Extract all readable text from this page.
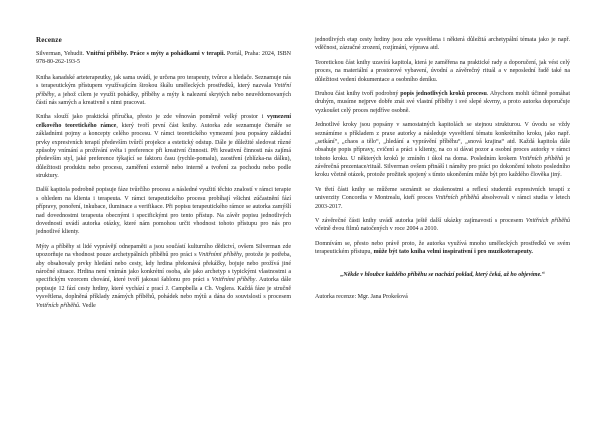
Recenze

Silverman, Yehudit. Vnitřní příběhy. Práce s mýty a pohádkami v terapii. Portál, Praha: 2024, ISBN 978-80-262-193-5

Kniha kanadské arteterapeutky, jak sama uvádí, je určena pro terapeuty, tvůrce a hledače. Seznamuje nás s terapeutickým přístupem využívajícím širokou škálu uměleckých prostředků, který nazvala Vnitřní příběhy, a jehož cílem je využít pohádky, příběhy a mýty k nalezení skrytých nebo neuvědomovaných částí nás samých a kreativně s nimi pracovat.

Kniha slouží jako praktická příručka, přesto je zde věnován poměrně velký prostor i vymezení celkového teoretického rámce, který tvoří první část knihy. Autorka zde seznamuje čtenáře se základními pojmy a koncepty celého procesu. V rámci teoretického vymezení jsou popsány základní prvky expresivních terapií především tvůrčí projekce a estetický odstup. Dále je důležité sledovat různé způsoby vnímání a prožívání světa i preference při kreativní činnosti. Při kreativní činnosti nás zajímá především styl, jaké preference týkající se faktoru času (rychle-pomalu), zaostření (zblízka-na dálku), důležitosti produktu nebo procesu, zaměření externě nebo interně a tvoření za pochodu nebo podle struktury.

Další kapitola podrobně popisuje fáze tvůrčího procesu a následné využití těchto znalostí v rámci terapie s ohledem na klienta i terapeuta. V rámci terapeutického procesu probíhají všichni zúčastnění fází přípravy, ponoření, inkubace, iluminace a verifikace. Při popisu terapeutického rámce se autorka zamýšlí nad dovednostmi terapeuta obecnými i specifickými pro tento přístup. Na závěr popisu jednotlivých dovedností uvádí autorka otázky, které nám pomohou určit vhodnost tohoto přístupu pro nás pro jednotlivé klienty.

Mýty a příběhy si lidé vyprávějí odnepaměti a jsou součástí kulturního dědictví, ovšem Silverman zde upozorňuje na vhodnost pouze archetypálních příběhů pro práci s Vnitřními příběhy, protože je potřeba, aby obsahovaly prvky hledání nebo cesty, kdy hrdina překonává překážky, bojuje nebo prožívá jiné náročné situace. Hrdina není vnímán jako konkrétní osoba, ale jako archetyp s typickými vlastnostmi a specifickým vzorcem chování, které tvoří jakousi šablonu pro práci s Vnitřními příběhy. Autorka dále popisuje 12 fází cesty hrdiny, které vychází z prací J. Campbella a Ch. Voglera. Každá fáze je stručně vysvětlena, doplněná příklady známých příběhů, pohádek nebo mýtů a dána do souvislostí s procesem Vnitřních příběhů. Vedle

jednotlivých etap cesty hrdiny jsou zde vysvětlena i některá důležitá archetypální témata jako je např. vděčnost, zázračné zrození, rozjímání, výprava atd.

Teoretickou část knihy uzavírá kapitola, která je zaměřena na praktické rady a doporučení, jak vést celý proces, na materiální a prostorové vybavení, úvodní a závěrečný rituál a v neposlední řadě také na důležitost vedení dokumentace a osobního deníku.

Druhou část knihy tvoří podrobný popis jednotlivých kroků procesu. Abychom mohli účinně pomáhat druhým, musíme nejprve dobře znát své vlastní příběhy i své slepé skvrny, a proto autorka doporučuje vyzkoušet celý proces nejdříve osobně.

Jednotlivé kroky jsou popsány v samostatných kapitolách se stejnou strukturou. V úvodu se vždy seznámíme s příkladem z praxe autorky a následuje vysvětlení tématu konkrétního kroku, jako např. „setkání“, „chaos a tělo“, „hledání a vyprávění příběhu“, „snová krajina“ atd. Každá kapitola dále obsahuje popis přípravy, cvičení a práci s klienty, na co si dávat pozor a osobní proces autorky v rámci tohoto kroku. U některých kroků je zmíněn i úkol na doma. Posledním krokem Vnitřních příběhů je závěrečná prezentace/rituál. Silverman ovšem přináší i náměty pro práci po dokončení tohoto posledního kroku včetně otázek, protože prožitek spojený s tímto ukončením může být pro každého člověka jiný.

Ve třetí části knihy se můžeme seznámit se zkušenostmi a reflexí studentů expresivních terapií z univerzity Concordia v Montrealu, kteří proces Vnitřních příběhů absolvovali v rámci studia v letech 2003-2017.

V závěrečné části knihy uvádí autorka ještě další ukázky zajímavostí s procesem Vnitřních příběhů včetně dvou filmů natočených v roce 2004 a 2010.

Domnívám se, přesto nebo právě proto, že autorka využívá mnoho uměleckých prostředků ve svém terapeutickém přístupu, může být tato kniha velmi inspirativní i pro muzikoterapeuty.

„Někde v hloubce každého příběhu se nachází poklad, který čeká, až ho objevíme.“

Autorka recenze: Mgr. Jana Prokešová
